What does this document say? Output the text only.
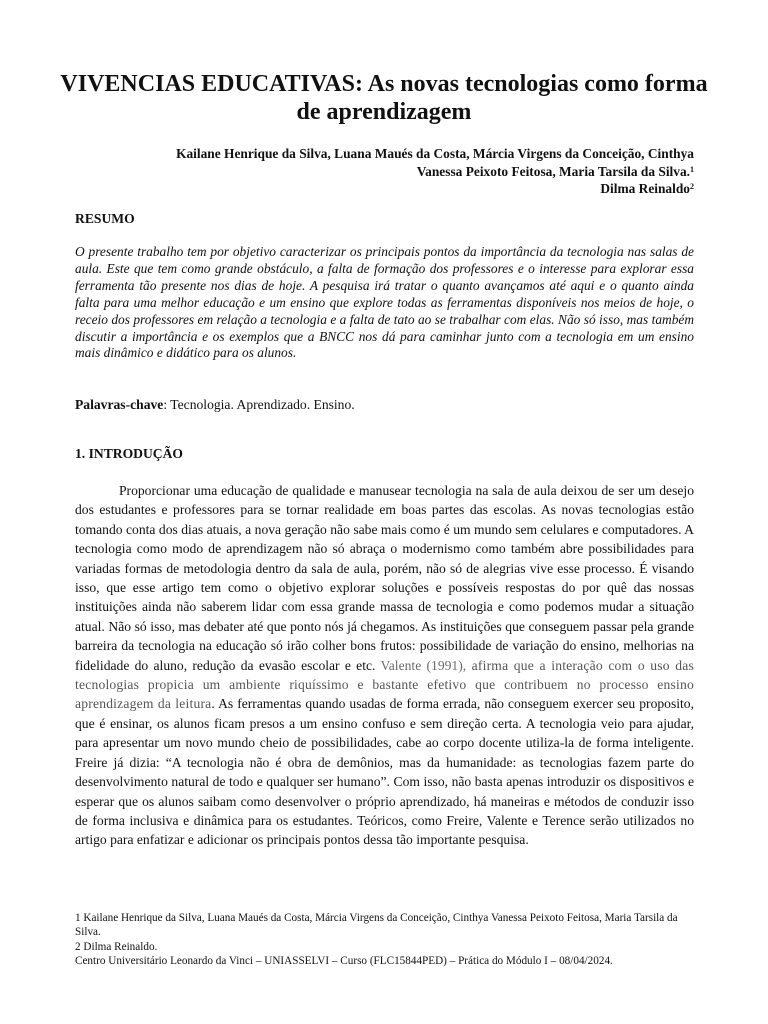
VIVENCIAS EDUCATIVAS: As novas tecnologias como forma de aprendizagem
Kailane Henrique da Silva, Luana Maués da Costa, Márcia Virgens da Conceição, Cinthya
Vanessa Peixoto Feitosa, Maria Tarsila da Silva.$^1$
Dilma Reinaldo$^2$
RESUMO
O presente trabalho tem por objetivo caracterizar os principais pontos da importância da tecnologia nas salas de aula. Este que tem como grande obstáculo, a falta de formação dos professores e o interesse para explorar essa ferramenta tão presente nos dias de hoje. A pesquisa irá tratar o quanto avançamos até aqui e o quanto ainda falta para uma melhor educação e um ensino que explore todas as ferramentas disponíveis nos meios de hoje, o receio dos professores em relação a tecnologia e a falta de tato ao se trabalhar com elas. Não só isso, mas também discutir a importância e os exemplos que a BNCC nos dá para caminhar junto com a tecnologia em um ensino mais dinâmico e didático para os alunos.
Palavras-chave: Tecnologia. Aprendizado. Ensino.
1. INTRODUÇÃO
Proporcionar uma educação de qualidade e manusear tecnologia na sala de aula deixou de ser um desejo dos estudantes e professores para se tornar realidade em boas partes das escolas. As novas tecnologias estão tomando conta dos dias atuais, a nova geração não sabe mais como é um mundo sem celulares e computadores. A tecnologia como modo de aprendizagem não só abraça o modernismo como também abre possibilidades para variadas formas de metodologia dentro da sala de aula, porém, não só de alegrias vive esse processo. É visando isso, que esse artigo tem como o objetivo explorar soluções e possíveis respostas do por quê das nossas instituições ainda não saberem lidar com essa grande massa de tecnologia e como podemos mudar a situação atual. Não só isso, mas debater até que ponto nós já chegamos. As instituições que conseguem passar pela grande barreira da tecnologia na educação só irão colher bons frutos: possibilidade de variação do ensino, melhorias na fidelidade do aluno, redução da evasão escolar e etc. Valente (1991), afirma que a interação com o uso das tecnologias propicia um ambiente riquíssimo e bastante efetivo que contribuem no processo ensino aprendizagem da leitura. As ferramentas quando usadas de forma errada, não conseguem exercer seu proposito, que é ensinar, os alunos ficam presos a um ensino confuso e sem direção certa. A tecnologia veio para ajudar, para apresentar um novo mundo cheio de possibilidades, cabe ao corpo docente utiliza-la de forma inteligente. Freire já dizia: “A tecnologia não é obra de demônios, mas da humanidade: as tecnologias fazem parte do desenvolvimento natural de todo e qualquer ser humano”. Com isso, não basta apenas introduzir os dispositivos e esperar que os alunos saibam como desenvolver o próprio aprendizado, há maneiras e métodos de conduzir isso de forma inclusiva e dinâmica para os estudantes. Teóricos, como Freire, Valente e Terence serão utilizados no artigo para enfatizar e adicionar os principais pontos dessa tão importante pesquisa.
1 Kailane Henrique da Silva, Luana Maués da Costa, Márcia Virgens da Conceição, Cinthya Vanessa Peixoto Feitosa, Maria Tarsila da Silva.
2 Dilma Reinaldo.
Centro Universitário Leonardo da Vinci – UNIASSELVI – Curso (FLC15844PED) – Prática do Módulo I – 08/04/2024.
